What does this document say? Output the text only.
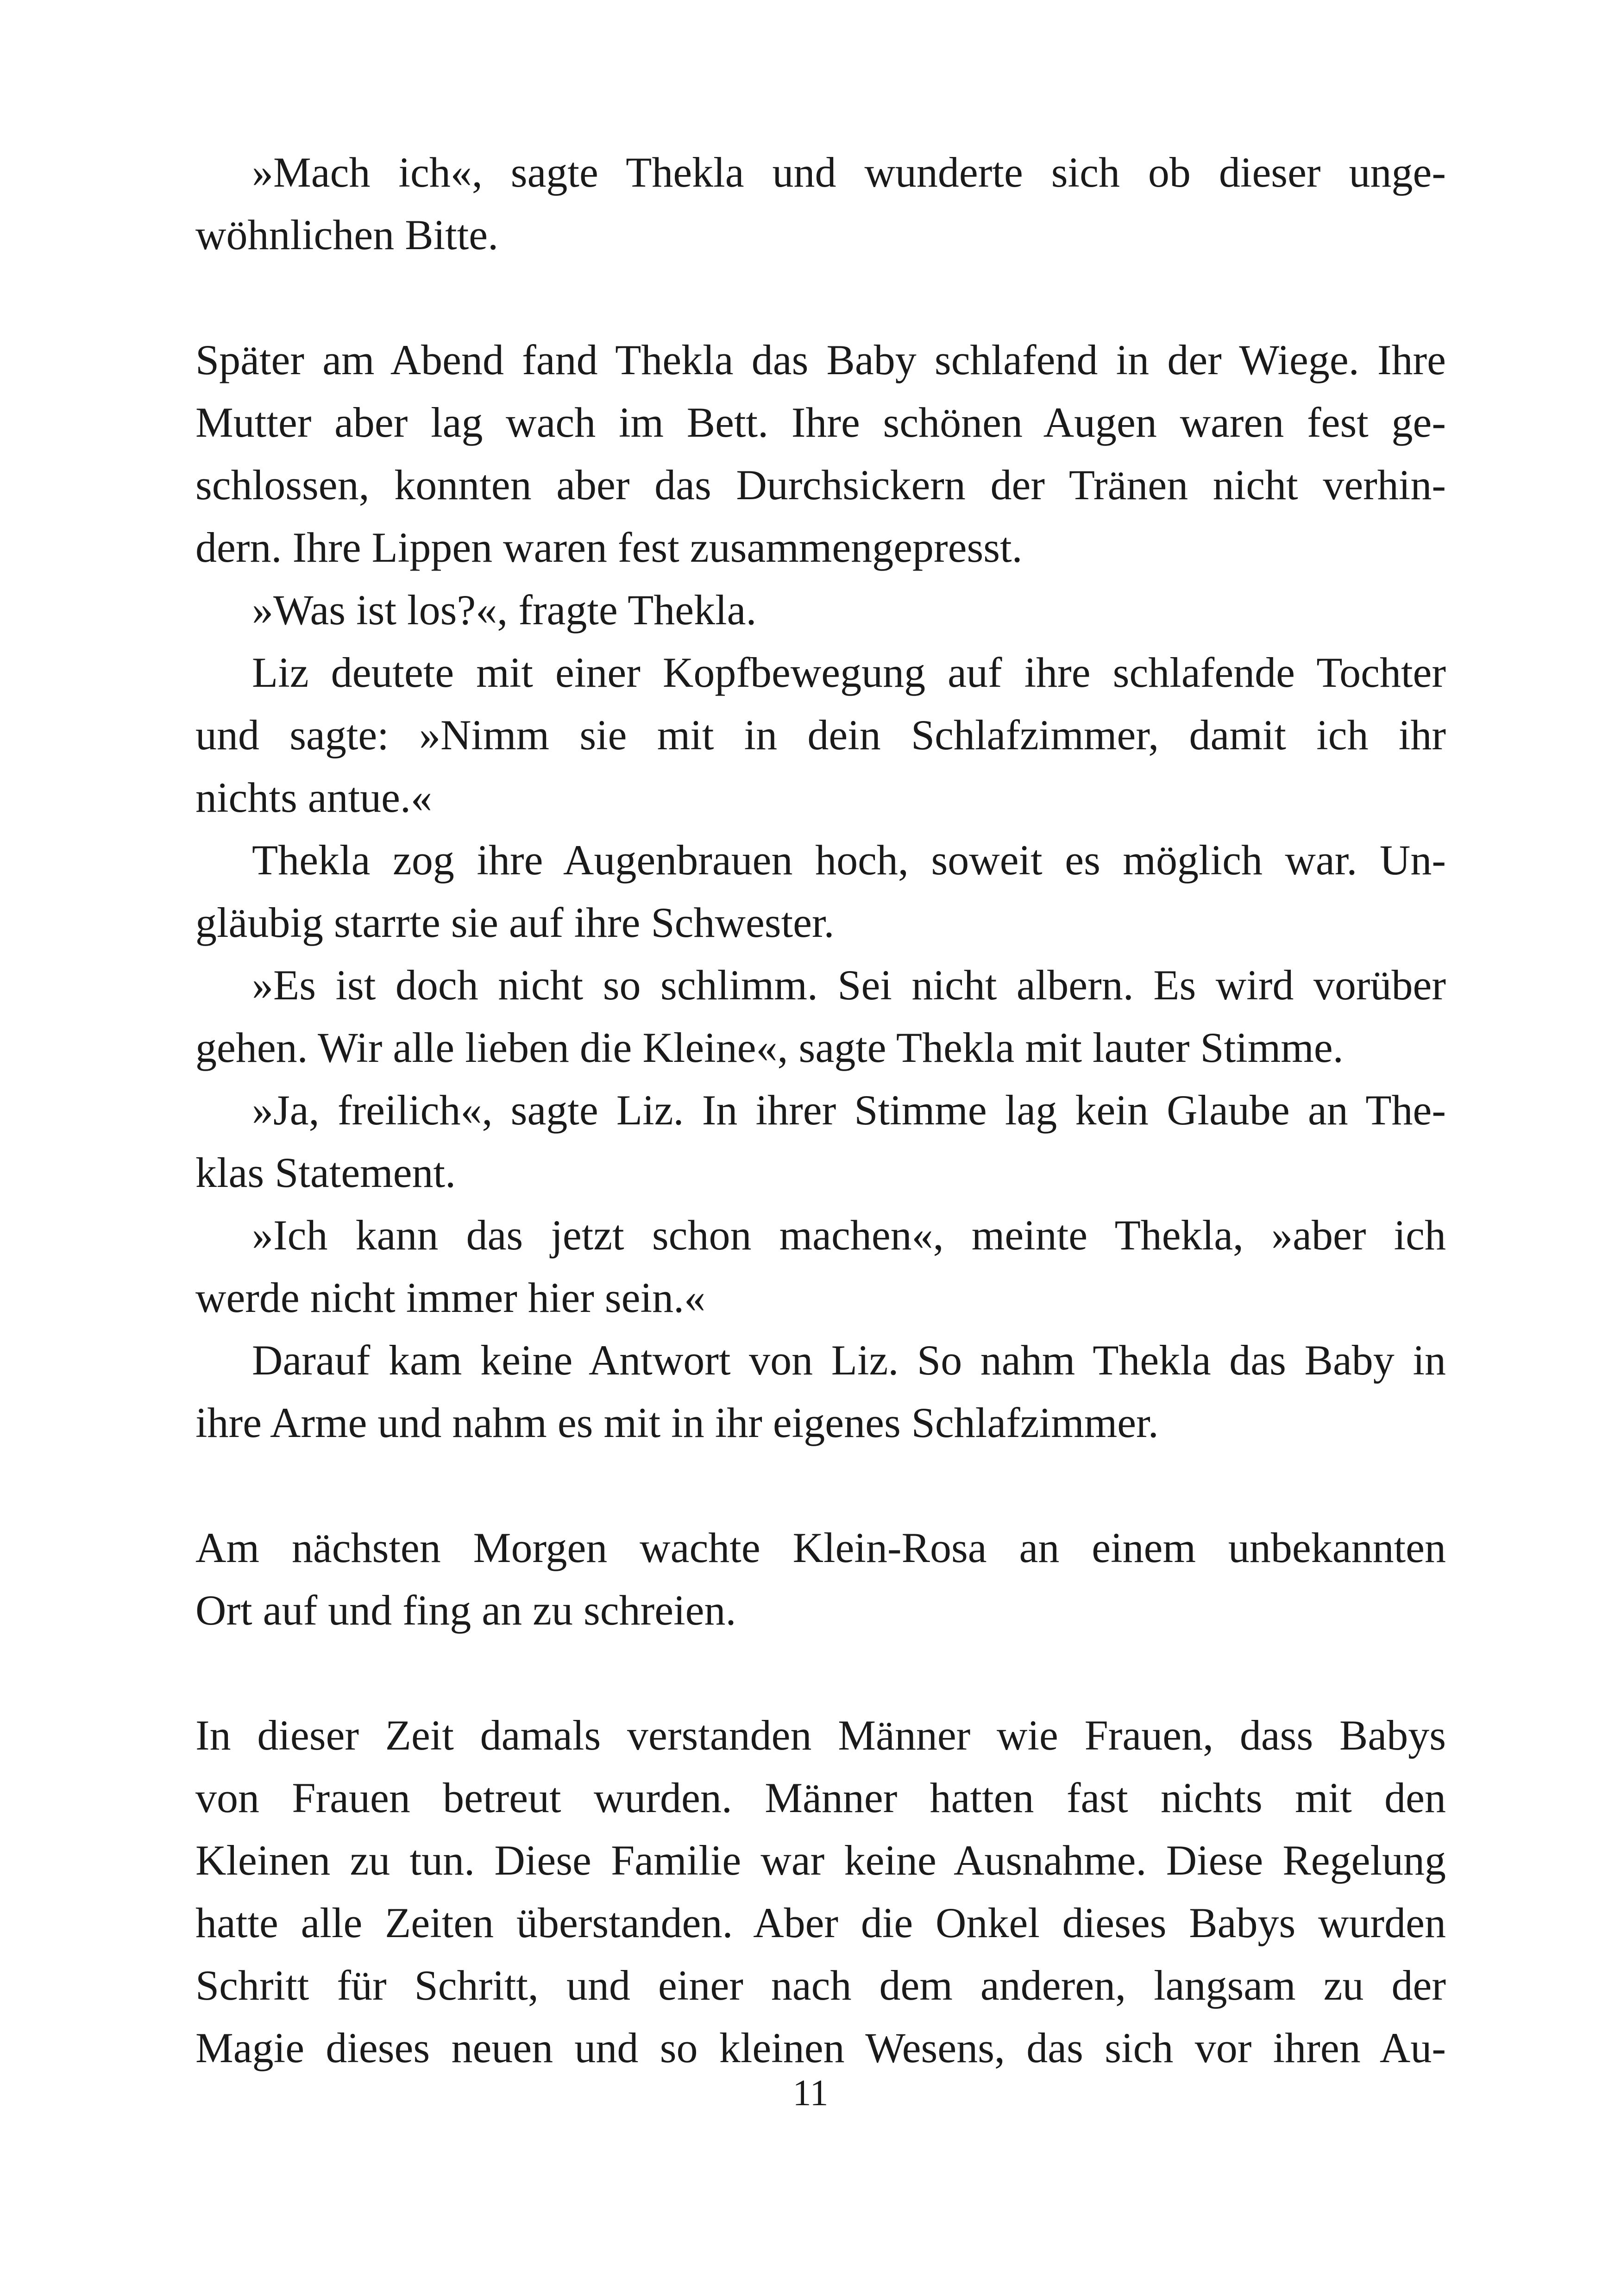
»Mach ich«, sagte Thekla und wunderte sich ob dieser unge-
wöhnlichen Bitte.
Später am Abend fand Thekla das Baby schlafend in der Wiege. Ihre
Mutter aber lag wach im Bett. Ihre schönen Augen waren fest ge-
schlossen, konnten aber das Durchsickern der Tränen nicht verhin-
dern. Ihre Lippen waren fest zusammengepresst.
»Was ist los?«, fragte Thekla.
Liz deutete mit einer Kopfbewegung auf ihre schlafende Tochter
und sagte: »Nimm sie mit in dein Schlafzimmer, damit ich ihr
nichts antue.«
Thekla zog ihre Augenbrauen hoch, soweit es möglich war. Un-
gläubig starrte sie auf ihre Schwester.
»Es ist doch nicht so schlimm. Sei nicht albern. Es wird vorüber
gehen. Wir alle lieben die Kleine«, sagte Thekla mit lauter Stimme.
»Ja, freilich«, sagte Liz. In ihrer Stimme lag kein Glaube an The-
klas Statement.
»Ich kann das jetzt schon machen«, meinte Thekla, »aber ich
werde nicht immer hier sein.«
Darauf kam keine Antwort von Liz. So nahm Thekla das Baby in
ihre Arme und nahm es mit in ihr eigenes Schlafzimmer.
Am nächsten Morgen wachte Klein-Rosa an einem unbekannten
Ort auf und fing an zu schreien.
In dieser Zeit damals verstanden Männer wie Frauen, dass Babys
von Frauen betreut wurden. Männer hatten fast nichts mit den
Kleinen zu tun. Diese Familie war keine Ausnahme. Diese Regelung
hatte alle Zeiten überstanden. Aber die Onkel dieses Babys wurden
Schritt für Schritt, und einer nach dem anderen, langsam zu der
Magie dieses neuen und so kleinen Wesens, das sich vor ihren Au-
11
